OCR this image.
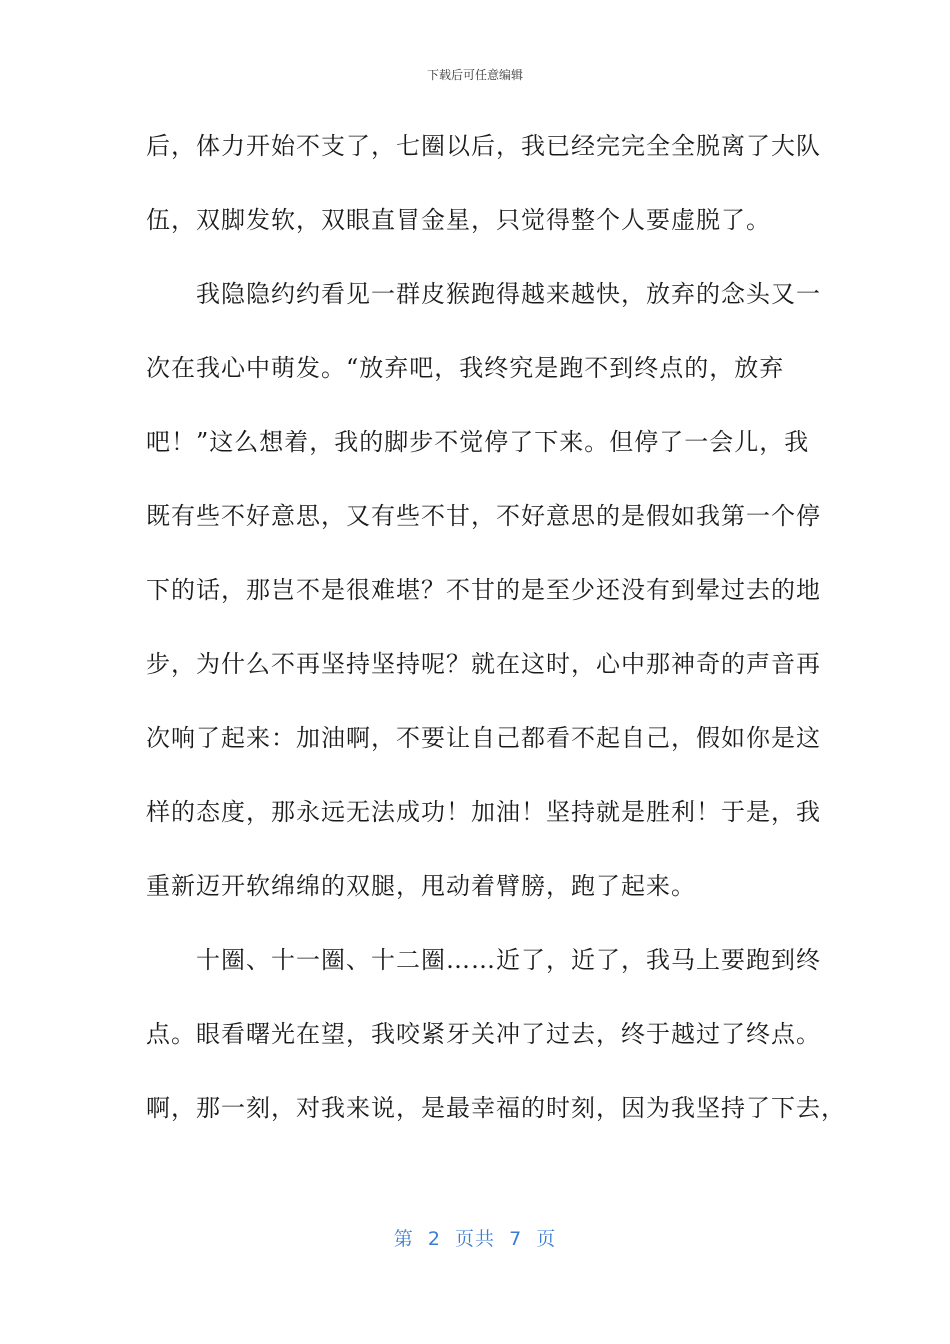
下载后可任意编辑
后，体力开始不支了，七圈以后，我已经完完全全脱离了大队
伍，双脚发软，双眼直冒金星，只觉得整个人要虚脱了。
　　我隐隐约约看见一群皮猴跑得越来越快，放弃的念头又一
次在我心中萌发。“放弃吧，我终究是跑不到终点的，放弃
吧！”这么想着，我的脚步不觉停了下来。但停了一会儿，我
既有些不好意思，又有些不甘，不好意思的是假如我第一个停
下的话，那岂不是很难堪？不甘的是至少还没有到晕过去的地
步，为什么不再坚持坚持呢？就在这时，心中那神奇的声音再
次响了起来：加油啊，不要让自己都看不起自己，假如你是这
样的态度，那永远无法成功！加油！坚持就是胜利！于是，我
重新迈开软绵绵的双腿，甩动着臂膀，跑了起来。
　　十圈、十一圈、十二圈……近了，近了，我马上要跑到终
点。眼看曙光在望，我咬紧牙关冲了过去，终于越过了终点。
啊，那一刻，对我来说，是最幸福的时刻，因为我坚持了下去，
第  2  页共  7  页
